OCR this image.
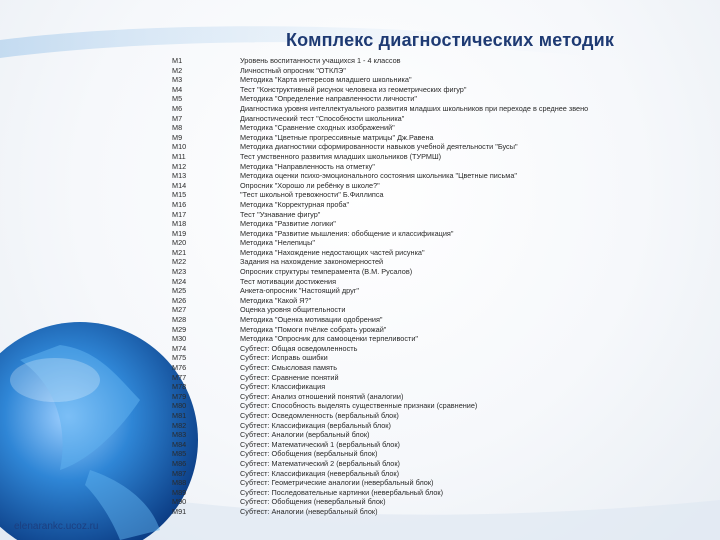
Комплекс диагностических методик
M1	Уровень воспитанности учащихся 1 - 4 классов
M2	Личностный опросник "ОТКЛЭ"
M3	Методика "Карта интересов младшего школьника"
M4	Тест "Конструктивный рисунок человека из геометрических фигур"
M5	Методика "Определение направленности личности"
M6	Диагностика уровня интеллектуального развития младших школьников при переходе в среднее звено
M7	Диагностический тест "Способности школьника"
M8	Методика "Сравнение сходных изображений"
M9	Методика "Цветные прогрессивные матрицы" Дж.Равена
M10	Методика диагностики сформированности навыков учебной деятельности "Бусы"
M11	Тест умственного развития младших школьников (ТУРМШ)
M12	Методика "Направленность на отметку"
M13	Методика оценки психо-эмоционального состояния школьника "Цветные письма"
M14	Опросник "Хорошо ли ребёнку в школе?"
M15	"Тест школьной тревожности" Б.Филлипса
M16	Методика "Корректурная проба"
M17	Тест "Узнавание фигур"
M18	Методика "Развитие логики"
M19	Методика "Развитие мышления: обобщение и классификация"
M20	Методика "Нелепицы"
M21	Методика "Нахождение недостающих частей рисунка"
M22	Задания на нахождение закономерностей
M23	Опросник структуры темперамента (В.М. Русалов)
M24	Тест мотивации достижения
M25	Анкета-опросник "Настоящий друг"
M26	Методика "Какой Я?"
M27	Оценка уровня общительности
M28	Методика "Оценка мотивации одобрения"
M29	Методика "Помоги пчёлке собрать урожай"
M30	Методика "Опросник для самооценки терпеливости"
M74	Субтест: Общая осведомленность
M75	Субтест: Исправь ошибки
M76	Субтест: Смысловая память
M77	Субтест: Сравнение понятий
M78	Субтест: Классификация
M79	Субтест: Анализ отношений понятий (аналогии)
M80	Субтест: Способность выделять существенные признаки (сравнение)
M81	Субтест: Осведомленность (вербальный блок)
M82	Субтест: Классификация (вербальный блок)
M83	Субтест: Аналогии (вербальный блок)
M84	Субтест: Математический 1 (вербальный блок)
M85	Субтест: Обобщения (вербальный блок)
M86	Субтест: Математический 2 (вербальный блок)
M87	Субтест: Классификация (невербальный блок)
M88	Субтест: Геометрические аналогии (невербальный блок)
M89	Субтест: Последовательные картинки (невербальный блок)
M90	Субтест: Обобщения (невербальный блок)
M91	Субтест: Аналогии (невербальный блок)
elenarankc.ucoz.ru
